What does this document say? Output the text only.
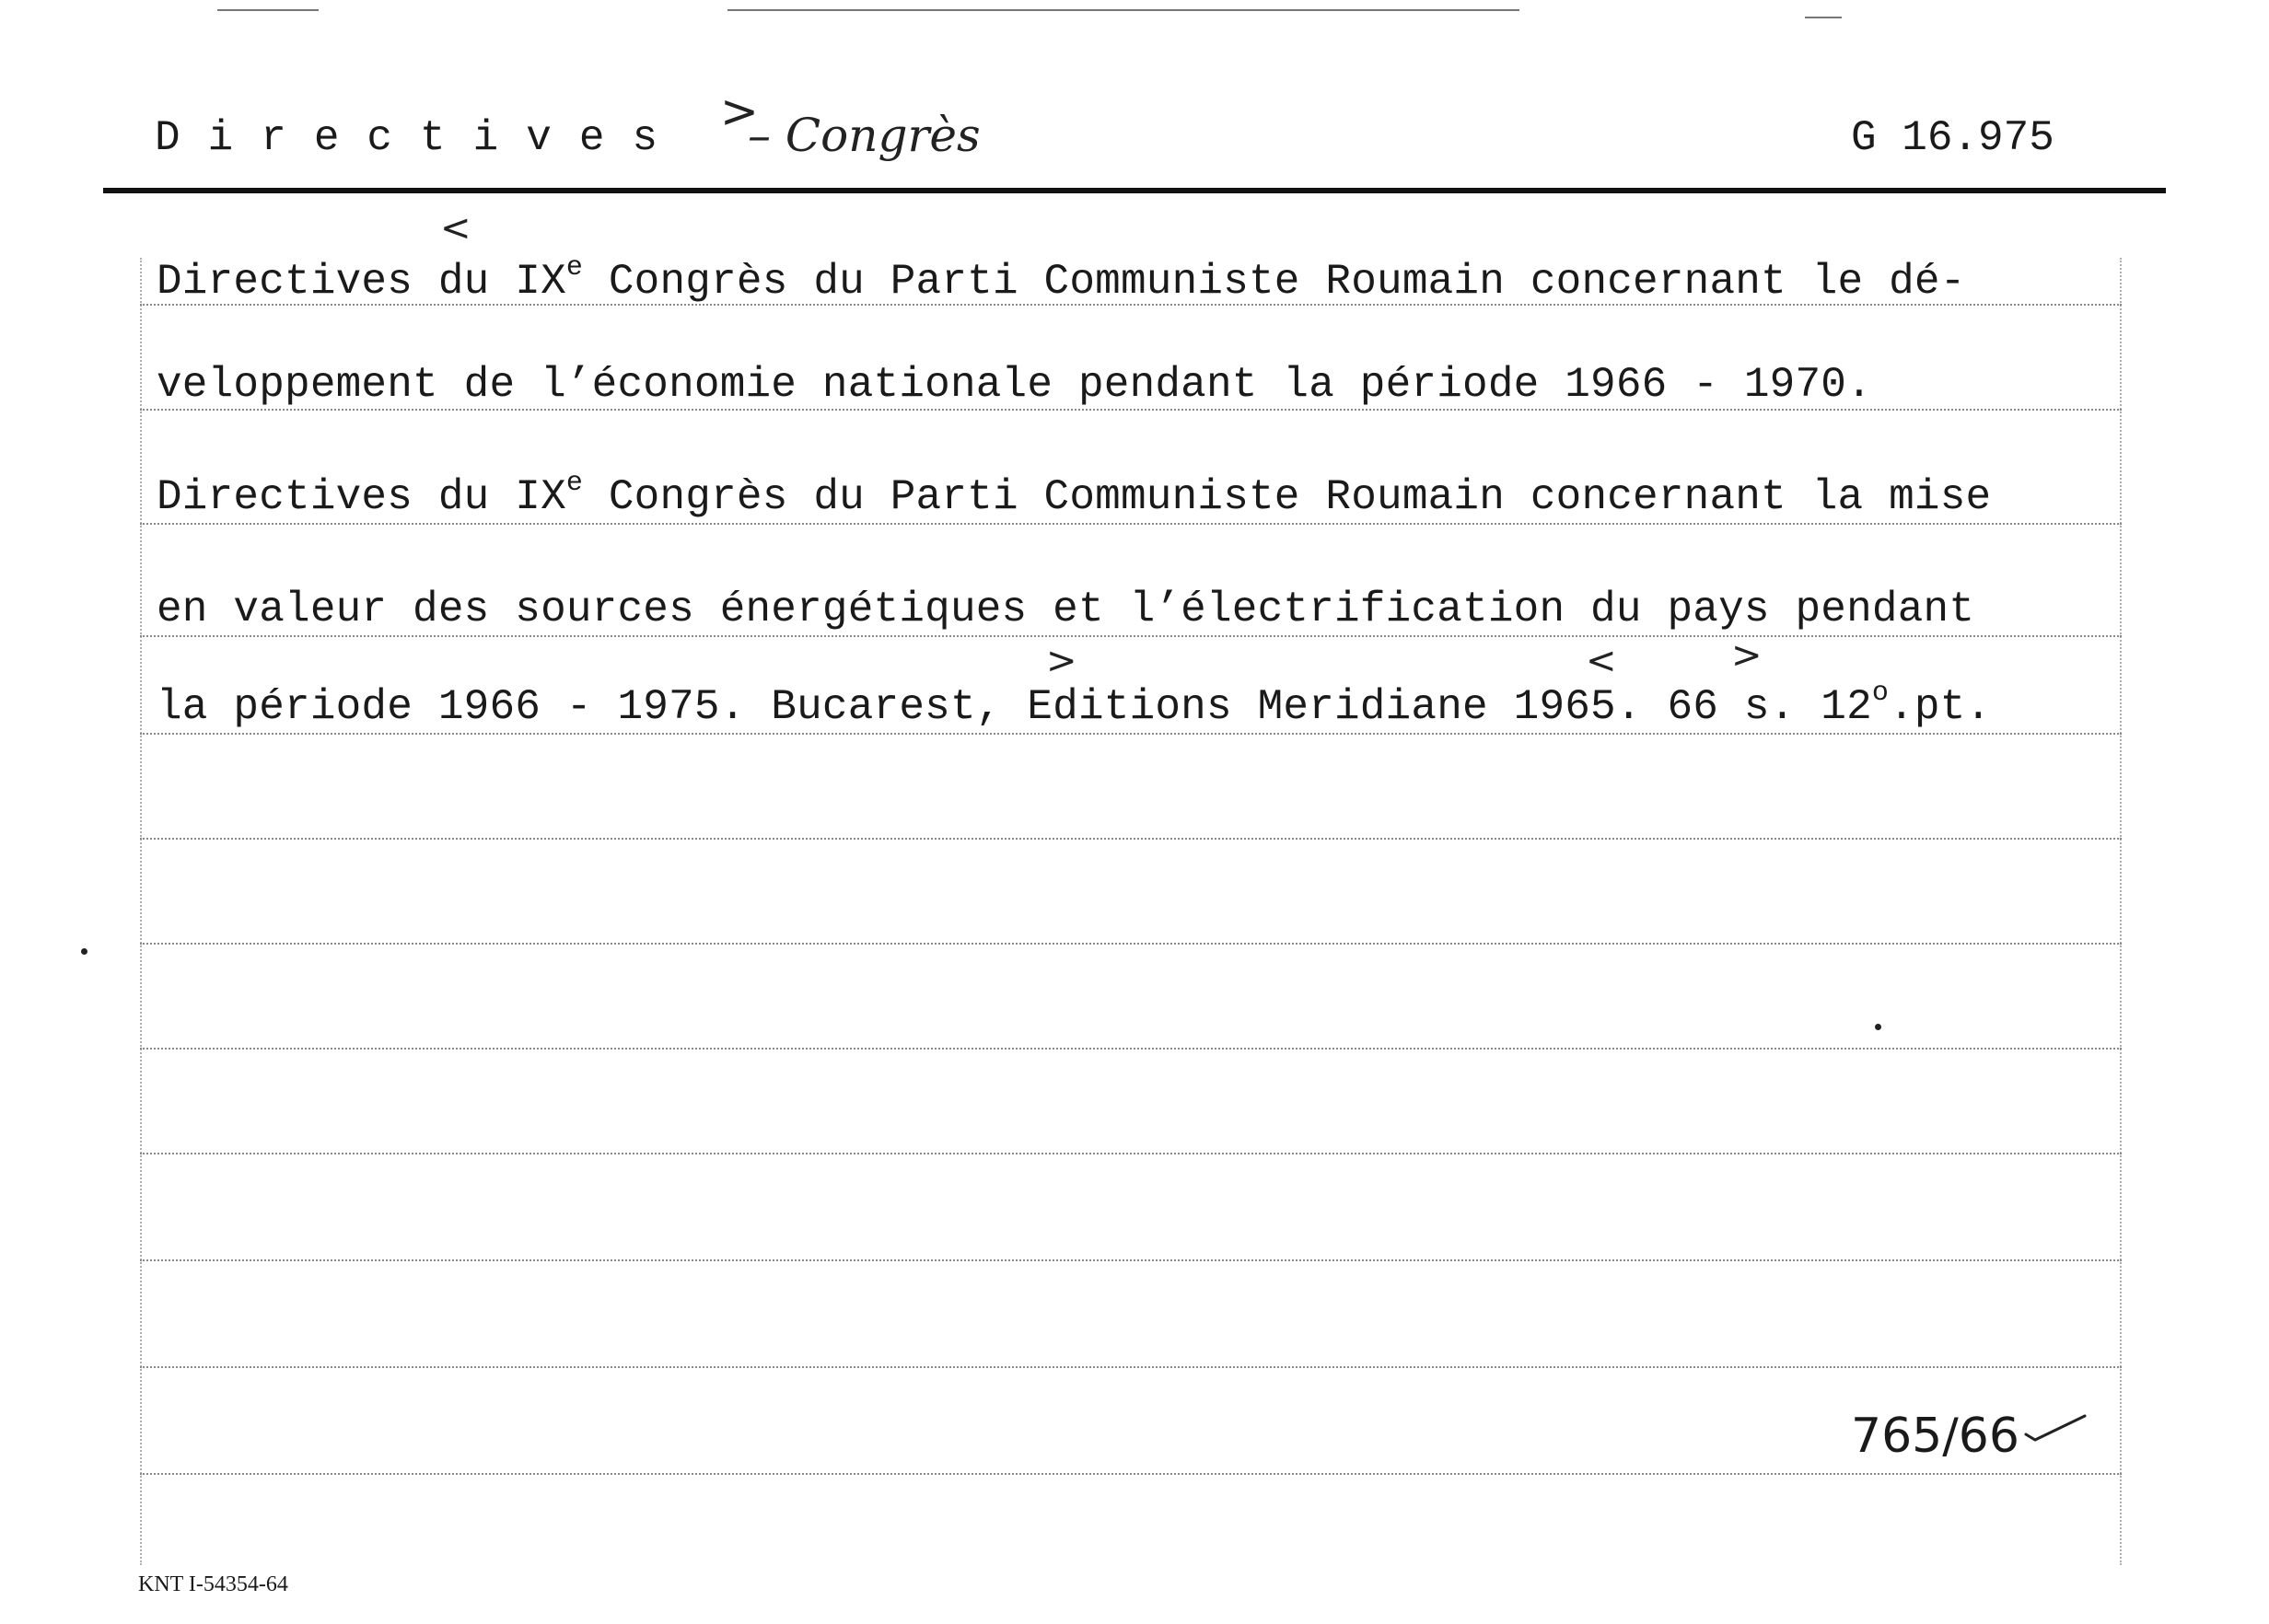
Directives >
– Congrès	G 16.975
Directives du IXe Congrès du Parti Communiste Roumain concernant le dé-
veloppement de l’économie nationale pendant la période 1966 - 1970.
Directives du IXe Congrès du Parti Communiste Roumain concernant la mise
en valeur des sources énergétiques et l’électrification du pays pendant
la période 1966 - 1975. Bucarest, Editions Meridiane 1965. 66 s. $12^o.pt$.
<
>	<	>
765/66
KNT I-54354-64
